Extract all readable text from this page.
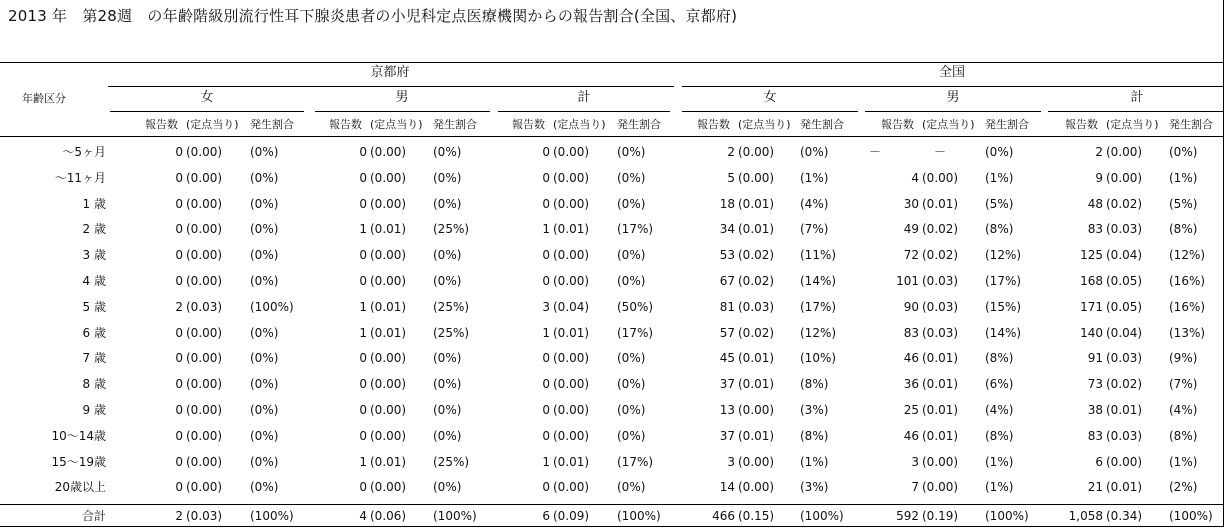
2013 年　第28週　の年齢階級別流行性耳下腺炎患者の小児科定点医療機関からの報告割合(全国、京都府)
年齢区分
京都府	全国
女
報告数 (定点当り) 発生割合
男
報告数 (定点当り) 発生割合
計
報告数 (定点当り) 発生割合
女
報告数 (定点当り) 発生割合
男
報告数 (定点当り) 発生割合
計
報告数 (定点当り) 発生割合
～5ヶ月	0 (0.00) (0%)	0 (0.00) (0%)	0 (0.00) (0%)	2 (0.00) (0%)	－	－	(0%)	2 (0.00) (0%)
～11ヶ月	0 (0.00) (0%)	0 (0.00) (0%)	0 (0.00) (0%)	5 (0.00) (1%)	4 (0.00) (1%)	9 (0.00) (1%)
1 歳	0 (0.00) (0%)	0 (0.00) (0%)	0 (0.00) (0%)	18 (0.01) (4%)	30 (0.01) (5%)	48 (0.02) (5%)
2 歳	0 (0.00) (0%)	1 (0.01) (25%)	1 (0.01) (17%)	34 (0.01) (7%)	49 (0.02) (8%)	83 (0.03) (8%)
3 歳	0 (0.00) (0%)	0 (0.00) (0%)	0 (0.00) (0%)	53 (0.02) (11%)	72 (0.02) (12%)	125 (0.04) (12%)
4 歳	0 (0.00) (0%)	0 (0.00) (0%)	0 (0.00) (0%)	67 (0.02) (14%)	101 (0.03) (17%)	168 (0.05) (16%)
5 歳	2 (0.03) (100%)	1 (0.01) (25%)	3 (0.04) (50%)	81 (0.03) (17%)	90 (0.03) (15%)	171 (0.05) (16%)
6 歳	0 (0.00) (0%)	1 (0.01) (25%)	1 (0.01) (17%)	57 (0.02) (12%)	83 (0.03) (14%)	140 (0.04) (13%)
7 歳	0 (0.00) (0%)	0 (0.00) (0%)	0 (0.00) (0%)	45 (0.01) (10%)	46 (0.01) (8%)	91 (0.03) (9%)
8 歳	0 (0.00) (0%)	0 (0.00) (0%)	0 (0.00) (0%)	37 (0.01) (8%)	36 (0.01) (6%)	73 (0.02) (7%)
9 歳	0 (0.00) (0%)	0 (0.00) (0%)	0 (0.00) (0%)	13 (0.00) (3%)	25 (0.01) (4%)	38 (0.01) (4%)
10～14歳	0 (0.00) (0%)	0 (0.00) (0%)	0 (0.00) (0%)	37 (0.01) (8%)	46 (0.01) (8%)	83 (0.03) (8%)
15～19歳	0 (0.00) (0%)	1 (0.01) (25%)	1 (0.01) (17%)	3 (0.00) (1%)	3 (0.00) (1%)	6 (0.00) (1%)
20歳以上	0 (0.00) (0%)	0 (0.00) (0%)	0 (0.00) (0%)	14 (0.00) (3%)	7 (0.00) (1%)	21 (0.01) (2%)
合計	2 (0.03) (100%)	4 (0.06) (100%)	6 (0.09) (100%)	466 (0.15) (100%)	592 (0.19) (100%)	1,058 (0.34) (100%)
